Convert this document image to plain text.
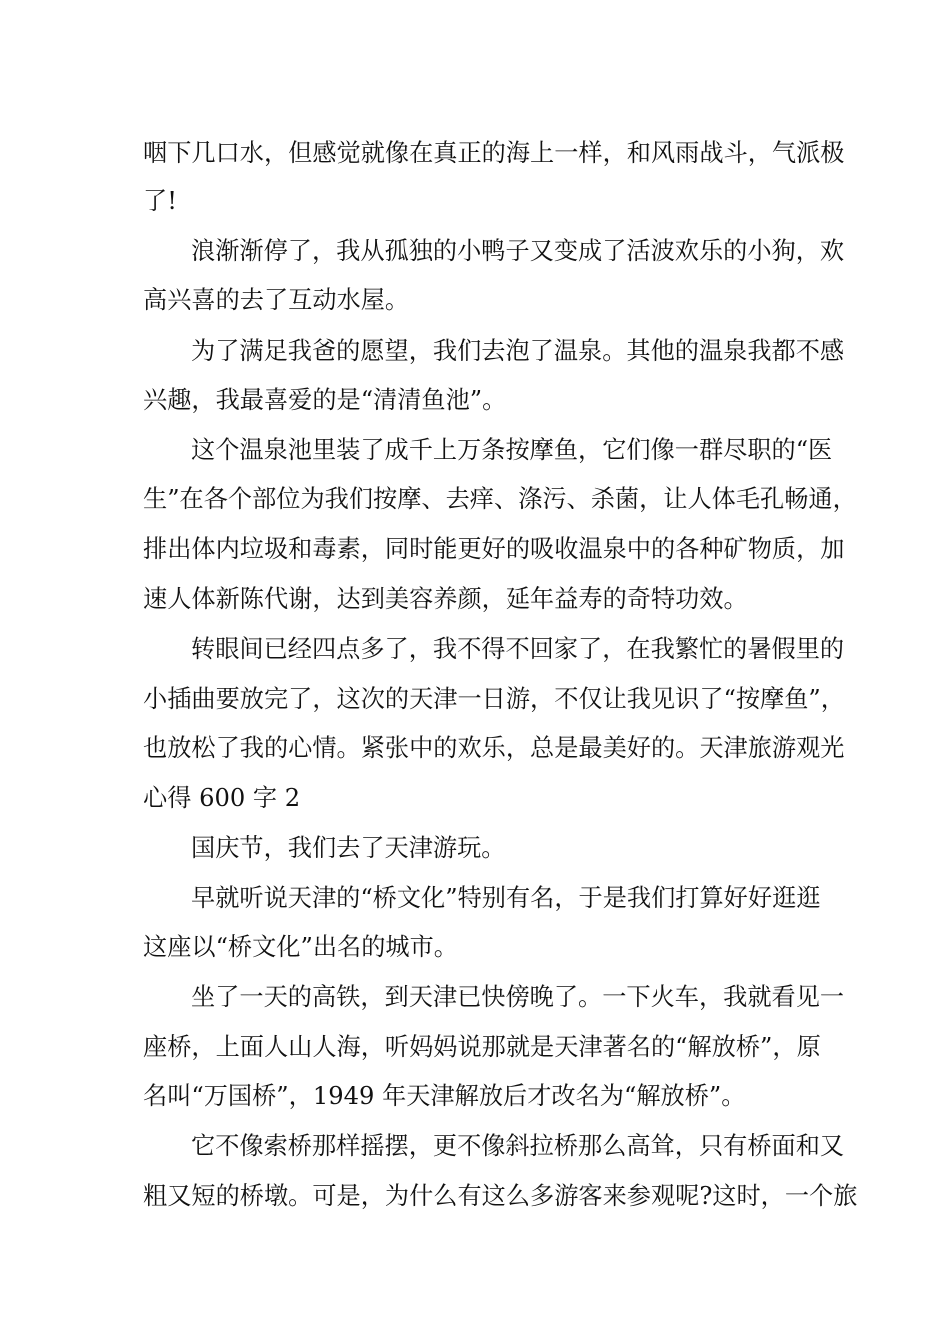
咽下几口水，但感觉就像在真正的海上一样，和风雨战斗，气派极
了!
浪渐渐停了，我从孤独的小鸭子又变成了活波欢乐的小狗，欢
高兴喜的去了互动水屋。
为了满足我爸的愿望，我们去泡了温泉。其他的温泉我都不感
兴趣，我最喜爱的是“清清鱼池”。
这个温泉池里装了成千上万条按摩鱼，它们像一群尽职的“医
生”在各个部位为我们按摩、去痒、涤污、杀菌，让人体毛孔畅通，
排出体内垃圾和毒素，同时能更好的吸收温泉中的各种矿物质，加
速人体新陈代谢，达到美容养颜，延年益寿的奇特功效。
转眼间已经四点多了，我不得不回家了，在我繁忙的暑假里的
小插曲要放完了，这次的天津一日游，不仅让我见识了“按摩鱼”，
也放松了我的心情。紧张中的欢乐，总是最美好的。天津旅游观光
心得 600 字 2
国庆节，我们去了天津游玩。
早就听说天津的“桥文化”特别有名，于是我们打算好好逛逛
这座以“桥文化”出名的城市。
坐了一天的高铁，到天津已快傍晚了。一下火车，我就看见一
座桥，上面人山人海，听妈妈说那就是天津著名的“解放桥”，原
名叫“万国桥”，1949 年天津解放后才改名为“解放桥”。
它不像索桥那样摇摆，更不像斜拉桥那么高耸，只有桥面和又
粗又短的桥墩。可是，为什么有这么多游客来参观呢?这时，一个旅
